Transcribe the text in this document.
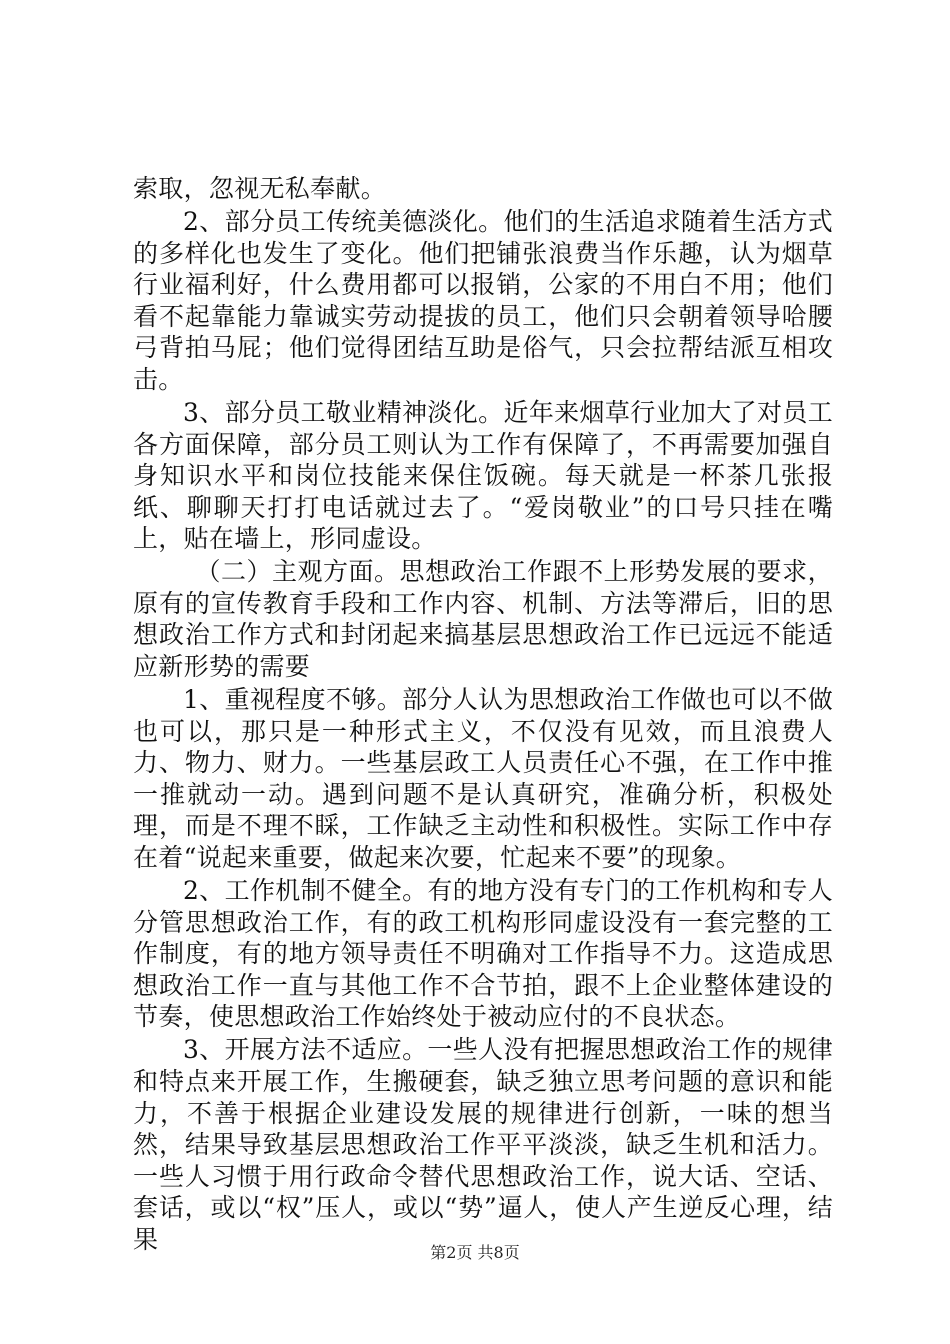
索取，忽视无私奉献。

2、部分员工传统美德淡化。他们的生活追求随着生活方式的多样化也发生了变化。他们把铺张浪费当作乐趣，认为烟草行业福利好，什么费用都可以报销，公家的不用白不用；他们看不起靠能力靠诚实劳动提拔的员工，他们只会朝着领导哈腰弓背拍马屁；他们觉得团结互助是俗气，只会拉帮结派互相攻击。

3、部分员工敬业精神淡化。近年来烟草行业加大了对员工各方面保障，部分员工则认为工作有保障了，不再需要加强自身知识水平和岗位技能来保住饭碗。每天就是一杯茶几张报纸、聊聊天打打电话就过去了。“爱岗敬业”的口号只挂在嘴上，贴在墙上，形同虚设。

（二）主观方面。思想政治工作跟不上形势发展的要求，原有的宣传教育手段和工作内容、机制、方法等滞后，旧的思想政治工作方式和封闭起来搞基层思想政治工作已远远不能适应新形势的需要

1、重视程度不够。部分人认为思想政治工作做也可以不做也可以，那只是一种形式主义，不仅没有见效，而且浪费人力、物力、财力。一些基层政工人员责任心不强，在工作中推一推就动一动。遇到问题不是认真研究，准确分析，积极处理，而是不理不睬，工作缺乏主动性和积极性。实际工作中存在着“说起来重要，做起来次要，忙起来不要”的现象。

2、工作机制不健全。有的地方没有专门的工作机构和专人分管思想政治工作，有的政工机构形同虚设没有一套完整的工作制度，有的地方领导责任不明确对工作指导不力。这造成思想政治工作一直与其他工作不合节拍，跟不上企业整体建设的节奏，使思想政治工作始终处于被动应付的不良状态。

3、开展方法不适应。一些人没有把握思想政治工作的规律和特点来开展工作，生搬硬套，缺乏独立思考问题的意识和能力，不善于根据企业建设发展的规律进行创新，一味的想当然，结果导致基层思想政治工作平平淡淡，缺乏生机和活力。一些人习惯于用行政命令替代思想政治工作，说大话、空话、套话，或以“权”压人，或以“势”逼人，使人产生逆反心理，结果	第2页 共8页
